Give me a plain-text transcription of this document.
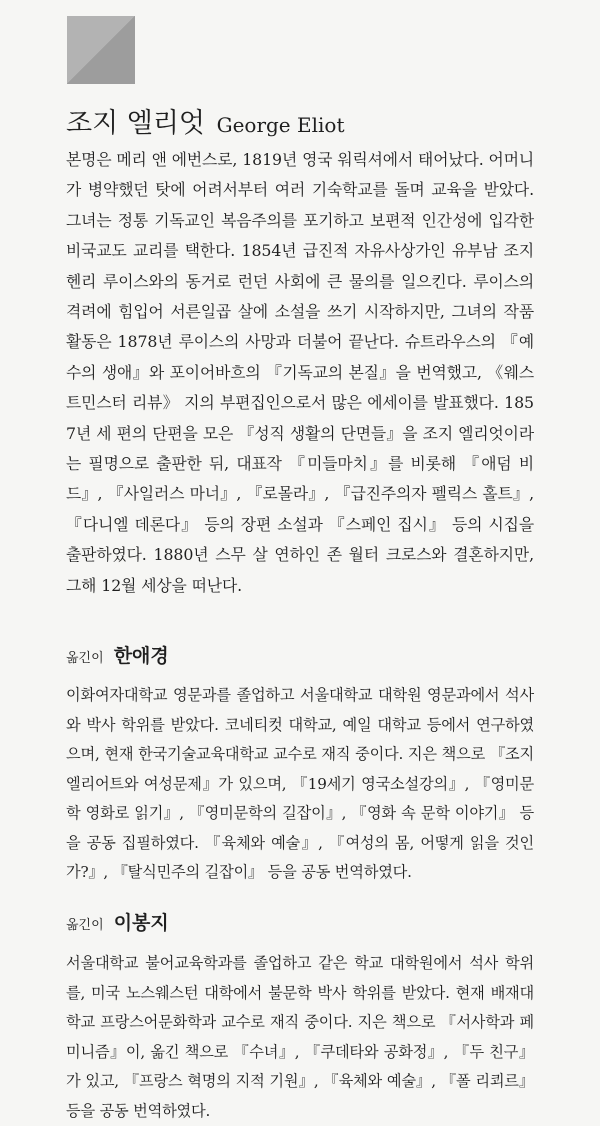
조지 엘리엇 George Eliot

본명은 메리 앤 에번스로, 1819년 영국 워릭셔에서 태어났다. 어머니가 병약했던 탓에 어려서부터 여러 기숙학교를 돌며 교육을 받았다. 그녀는 정통 기독교인 복음주의를 포기하고 보편적 인간성에 입각한 비국교도 교리를 택한다. 1854년 급진적 자유사상가인 유부남 조지 헨리 루이스와의 동거로 런던 사회에 큰 물의를 일으킨다. 루이스의 격려에 힘입어 서른일곱 살에 소설을 쓰기 시작하지만, 그녀의 작품 활동은 1878년 루이스의 사망과 더불어 끝난다. 슈트라우스의 『예수의 생애』와 포이어바흐의 『기독교의 본질』을 번역했고, 《웨스트민스터 리뷰》 지의 부편집인으로서 많은 에세이를 발표했다. 1857년 세 편의 단편을 모은 『성직 생활의 단면들』을 조지 엘리엇이라는 필명으로 출판한 뒤, 대표작 『미들마치』를 비롯해 『애덤 비드』, 『사일러스 마너』, 『로몰라』, 『급진주의자 펠릭스 홀트』, 『다니엘 데론다』 등의 장편 소설과 『스페인 집시』 등의 시집을 출판하였다. 1880년 스무 살 연하인 존 월터 크로스와 결혼하지만, 그해 12월 세상을 떠난다.

옮긴이 한애경

이화여자대학교 영문과를 졸업하고 서울대학교 대학원 영문과에서 석사와 박사 학위를 받았다. 코네티컷 대학교, 예일 대학교 등에서 연구하였으며, 현재 한국기술교육대학교 교수로 재직 중이다. 지은 책으로 『조지 엘리어트와 여성문제』가 있으며, 『19세기 영국소설강의』, 『영미문학 영화로 읽기』, 『영미문학의 길잡이』, 『영화 속 문학 이야기』 등을 공동 집필하였다. 『육체와 예술』, 『여성의 몸, 어떻게 읽을 것인가?』, 『탈식민주의 길잡이』 등을 공동 번역하였다.

옮긴이 이봉지

서울대학교 불어교육학과를 졸업하고 같은 학교 대학원에서 석사 학위를, 미국 노스웨스턴 대학에서 불문학 박사 학위를 받았다. 현재 배재대학교 프랑스어문화학과 교수로 재직 중이다. 지은 책으로 『서사학과 페미니즘』이, 옮긴 책으로 『수녀』, 『쿠데타와 공화정』, 『두 친구』가 있고, 『프랑스 혁명의 지적 기원』, 『육체와 예술』, 『폴 리쾨르』 등을 공동 번역하였다.
